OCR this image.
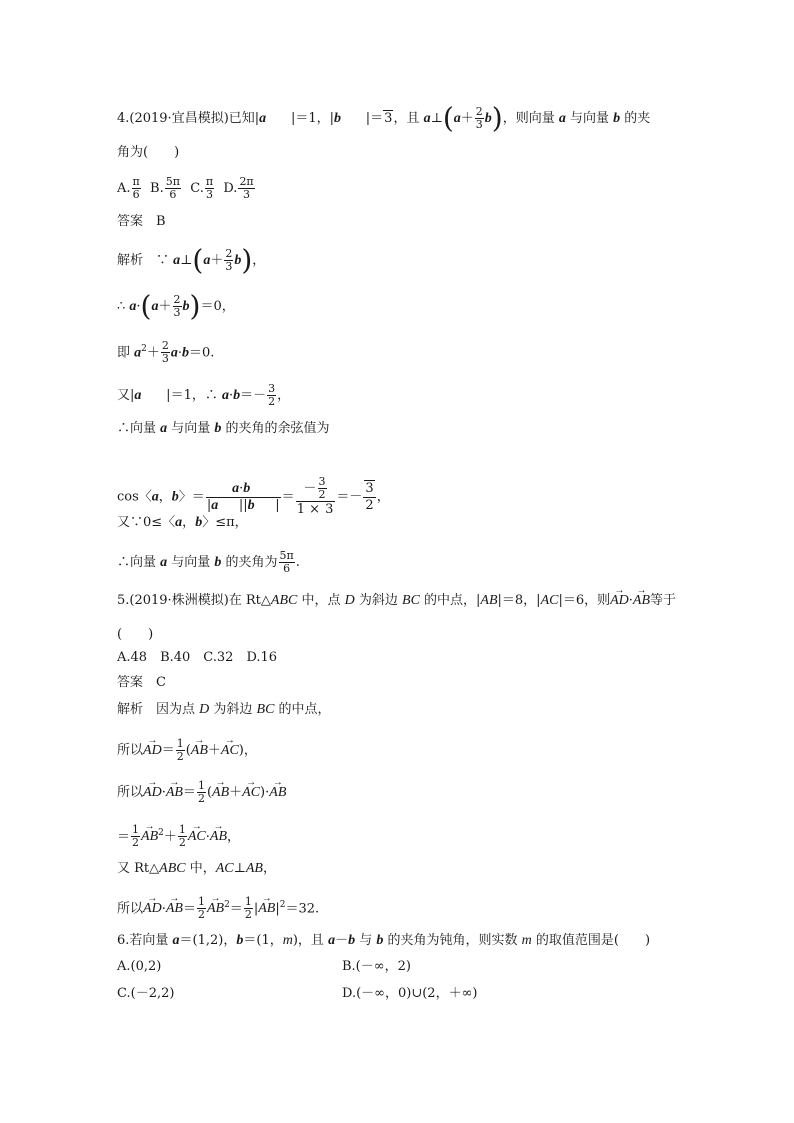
4.(2019·宜昌模拟)已知|a      |＝1，|b      |＝3，且 a⊥(a＋ $\frac{2}{3} b$)，则向量 a 与向量 b 的夹
角为(　　)
A. $\frac{\pi}{6} B$. $\frac{5\pi}{6} C$. $\frac{\pi}{3} D$. $\frac{2\pi}{3}$
答案　B
解析　∵ a⊥(a＋ $\frac{2}{3} b$)，
∴ $a\cdot(a+ \frac{2}{3} b)=0$，
即 $a^2+ \frac{2}{3} a\cdot b=0$.
又|a      |＝1，∴ $a\cdot b=- \frac{3}{2}$ ，
∴向量 a 与向量 b 的夹角的余弦值为
cos〈a，b〉＝ $\frac{a\cdot b}{|a ||b |} = \frac{- \frac{3}{2}}{1 \times 3} =- \frac{3}{2}$ ，
又∵0≤〈a，b〉≤π，
∴向量 a 与向量 b 的夹角为 $\frac{5\pi}{6}$ .
5.(2019·株洲模拟)在 Rt△ABC 中，点 D 为斜边 BC 的中点，|AB|＝8，|AC|＝6，则→ AD·→ AB等于
(　　)
A.48　B.40　C.32　D.16
答案　C
解析　因为点 D 为斜边 BC 的中点，
所以→ $AD= \frac{1}{2}$ (→ AB＋→ AC)，
所以→ $AD\cdot\to AB= \frac{1}{2}$ (→ AB＋→ AC)·→ AB
＝ $\frac{1}{2}$
→ $AB^2+ \frac{1}{2}$
→ AC·→ AB，
又 Rt△ABC 中，AC⊥AB，
所以→ $AD\cdot\to AB= \frac{1}{2}$
→ $AB^2= \frac{1}{2}$ |→ $AB|^2=32$.
6.若向量 a＝(1,2)，b＝(1，m)，且 a－b 与 b 的夹角为钝角，则实数 m 的取值范围是(　　)
A.(0,2)	B.(－∞，2)
C.(－2,2)	D.(－∞，0)∪(2，＋∞)
